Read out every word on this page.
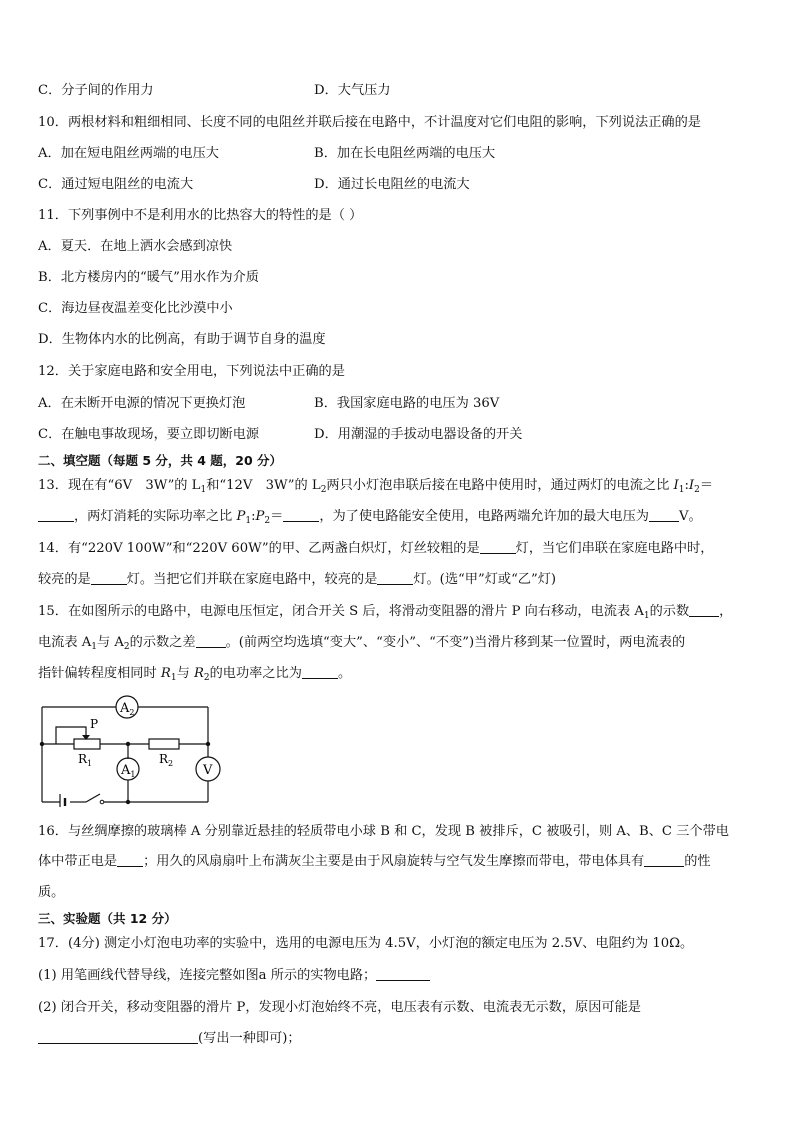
C．分子间的作用力	D．大气压力
10．两根材料和粗细相同、长度不同的电阻丝并联后接在电路中，不计温度对它们电阻的影响，下列说法正确的是
A．加在短电阻丝两端的电压大	B．加在长电阻丝两端的电压大
C．通过短电阻丝的电流大	D．通过长电阻丝的电流大
11．下列事例中不是利用水的比热容大的特性的是（ ）
A．夏天．在地上洒水会感到凉快
B．北方楼房内的“暖气”用水作为介质
C．海边昼夜温差变化比沙漠中小
D．生物体内水的比例高，有助于调节自身的温度
12．关于家庭电路和安全用电，下列说法中正确的是
A．在未断开电源的情况下更换灯泡	B．我国家庭电路的电压为 36V
C．在触电事故现场，要立即切断电源	D．用潮湿的手拔动电器设备的开关
二、填空题（每题 5 分，共 4 题，20 分）
13．现在有“6V　3W”的 $L_1$和“12V　3W”的 $L_2$两只小灯泡串联后接在电路中使用时，通过两灯的电流之比 $I_1:I_2=$
，两灯消耗的实际功率之比 $P_1:P_2=$	，为了使电路能安全使用，电路两端允许加的最大电压为 V。
14．有“220V 100W”和“220V 60W”的甲、乙两盏白炽灯，灯丝较粗的是	灯，当它们串联在家庭电路中时，
较亮的是	灯。当把它们并联在家庭电路中，较亮的是	灯。(选“甲”灯或“乙”灯)
15．在如图所示的电路中，电源电压恒定，闭合开关 S 后，将滑动变阻器的滑片 P 向右移动，电流表 $A_1$的示数 ，
电流表 $A_1$与 $A_2$的示数之差 。(前两空均选填“变大”、“变小”、“不变”)当滑片移到某一位置时，两电流表的
指针偏转程度相同时 $R_1$与 $R_2$的电功率之比为	。
$A_2$
$A_1$	V
P
$R_1$	$R_2$
16．与丝绸摩擦的玻璃棒 A 分别靠近悬挂的轻质带电小球 B 和 C，发现 B 被排斥，C 被吸引，则 A、B、C 三个带电
体中带正电是 ；用久的风扇扇叶上布满灰尘主要是由于风扇旋转与空气发生摩擦而带电，带电体具有	的性
质。
三、实验题（共 12 分）
17．(4分) 测定小灯泡电功率的实验中，选用的电源电压为 4.5V，小灯泡的额定电压为 2.5V、电阻约为 10Ω。
(1) 用笔画线代替导线，连接完整如图a 所示的实物电路；
(2) 闭合开关，移动变阻器的滑片 P，发现小灯泡始终不亮，电压表有示数、电流表无示数，原因可能是
(写出一种即可)；
